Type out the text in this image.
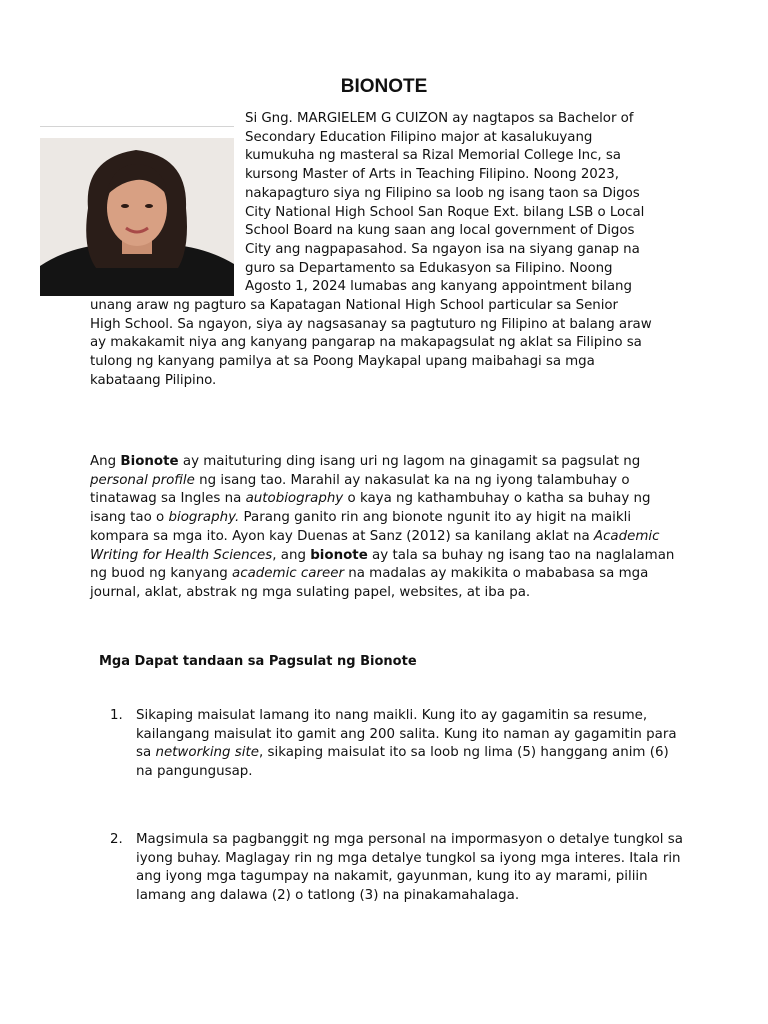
BIONOTE
Si Gng. MARGIELEM G CUIZON ay nagtapos sa Bachelor of
Secondary Education Filipino major at kasalukuyang
kumukuha ng masteral sa Rizal Memorial College Inc, sa
kursong Master of Arts in Teaching Filipino. Noong 2023,
nakapagturo siya ng Filipino sa loob ng isang taon sa Digos
City National High School San Roque Ext. bilang LSB o Local
School Board na kung saan ang local government of Digos
City ang nagpapasahod. Sa ngayon isa na siyang ganap na
guro sa Departamento sa Edukasyon sa Filipino. Noong
Agosto 1, 2024 lumabas ang kanyang appointment bilang

unang araw ng pagturo sa Kapatagan National High School particular sa Senior
High School. Sa ngayon, siya ay nagsasanay sa pagtuturo ng Filipino at balang araw
ay makakamit niya ang kanyang pangarap na makapagsulat ng aklat sa Filipino sa
tulong ng kanyang pamilya at sa Poong Maykapal upang maibahagi sa mga
kabataang Pilipino.

Ang Bionote ay maituturing ding isang uri ng lagom na ginagamit sa pagsulat ng personal profile ng isang tao. Marahil ay nakasulat ka na ng iyong talambuhay o tinatawag sa Ingles na autobiography o kaya ng kathambuhay o katha sa buhay ng isang tao o biography. Parang ganito rin ang bionote ngunit ito ay higit na maikli kompara sa mga ito. Ayon kay Duenas at Sanz (2012) sa kanilang aklat na Academic Writing for Health Sciences, ang bionote ay tala sa buhay ng isang tao na naglalaman ng buod ng kanyang academic career na madalas ay makikita o mababasa sa mga journal, aklat, abstrak ng mga sulating papel, websites, at iba pa.

Mga Dapat tandaan sa Pagsulat ng Bionote
1. Sikaping maisulat lamang ito nang maikli. Kung ito ay gagamitin sa resume, kailangang maisulat ito gamit ang 200 salita. Kung ito naman ay gagamitin para sa networking site, sikaping maisulat ito sa loob ng lima (5) hanggang anim (6) na pangungusap.
2. Magsimula sa pagbanggit ng mga personal na impormasyon o detalye tungkol sa iyong buhay. Maglagay rin ng mga detalye tungkol sa iyong mga interes. Itala rin ang iyong mga tagumpay na nakamit, gayunman, kung ito ay marami, piliin lamang ang dalawa (2) o tatlong (3) na pinakamahalaga.
